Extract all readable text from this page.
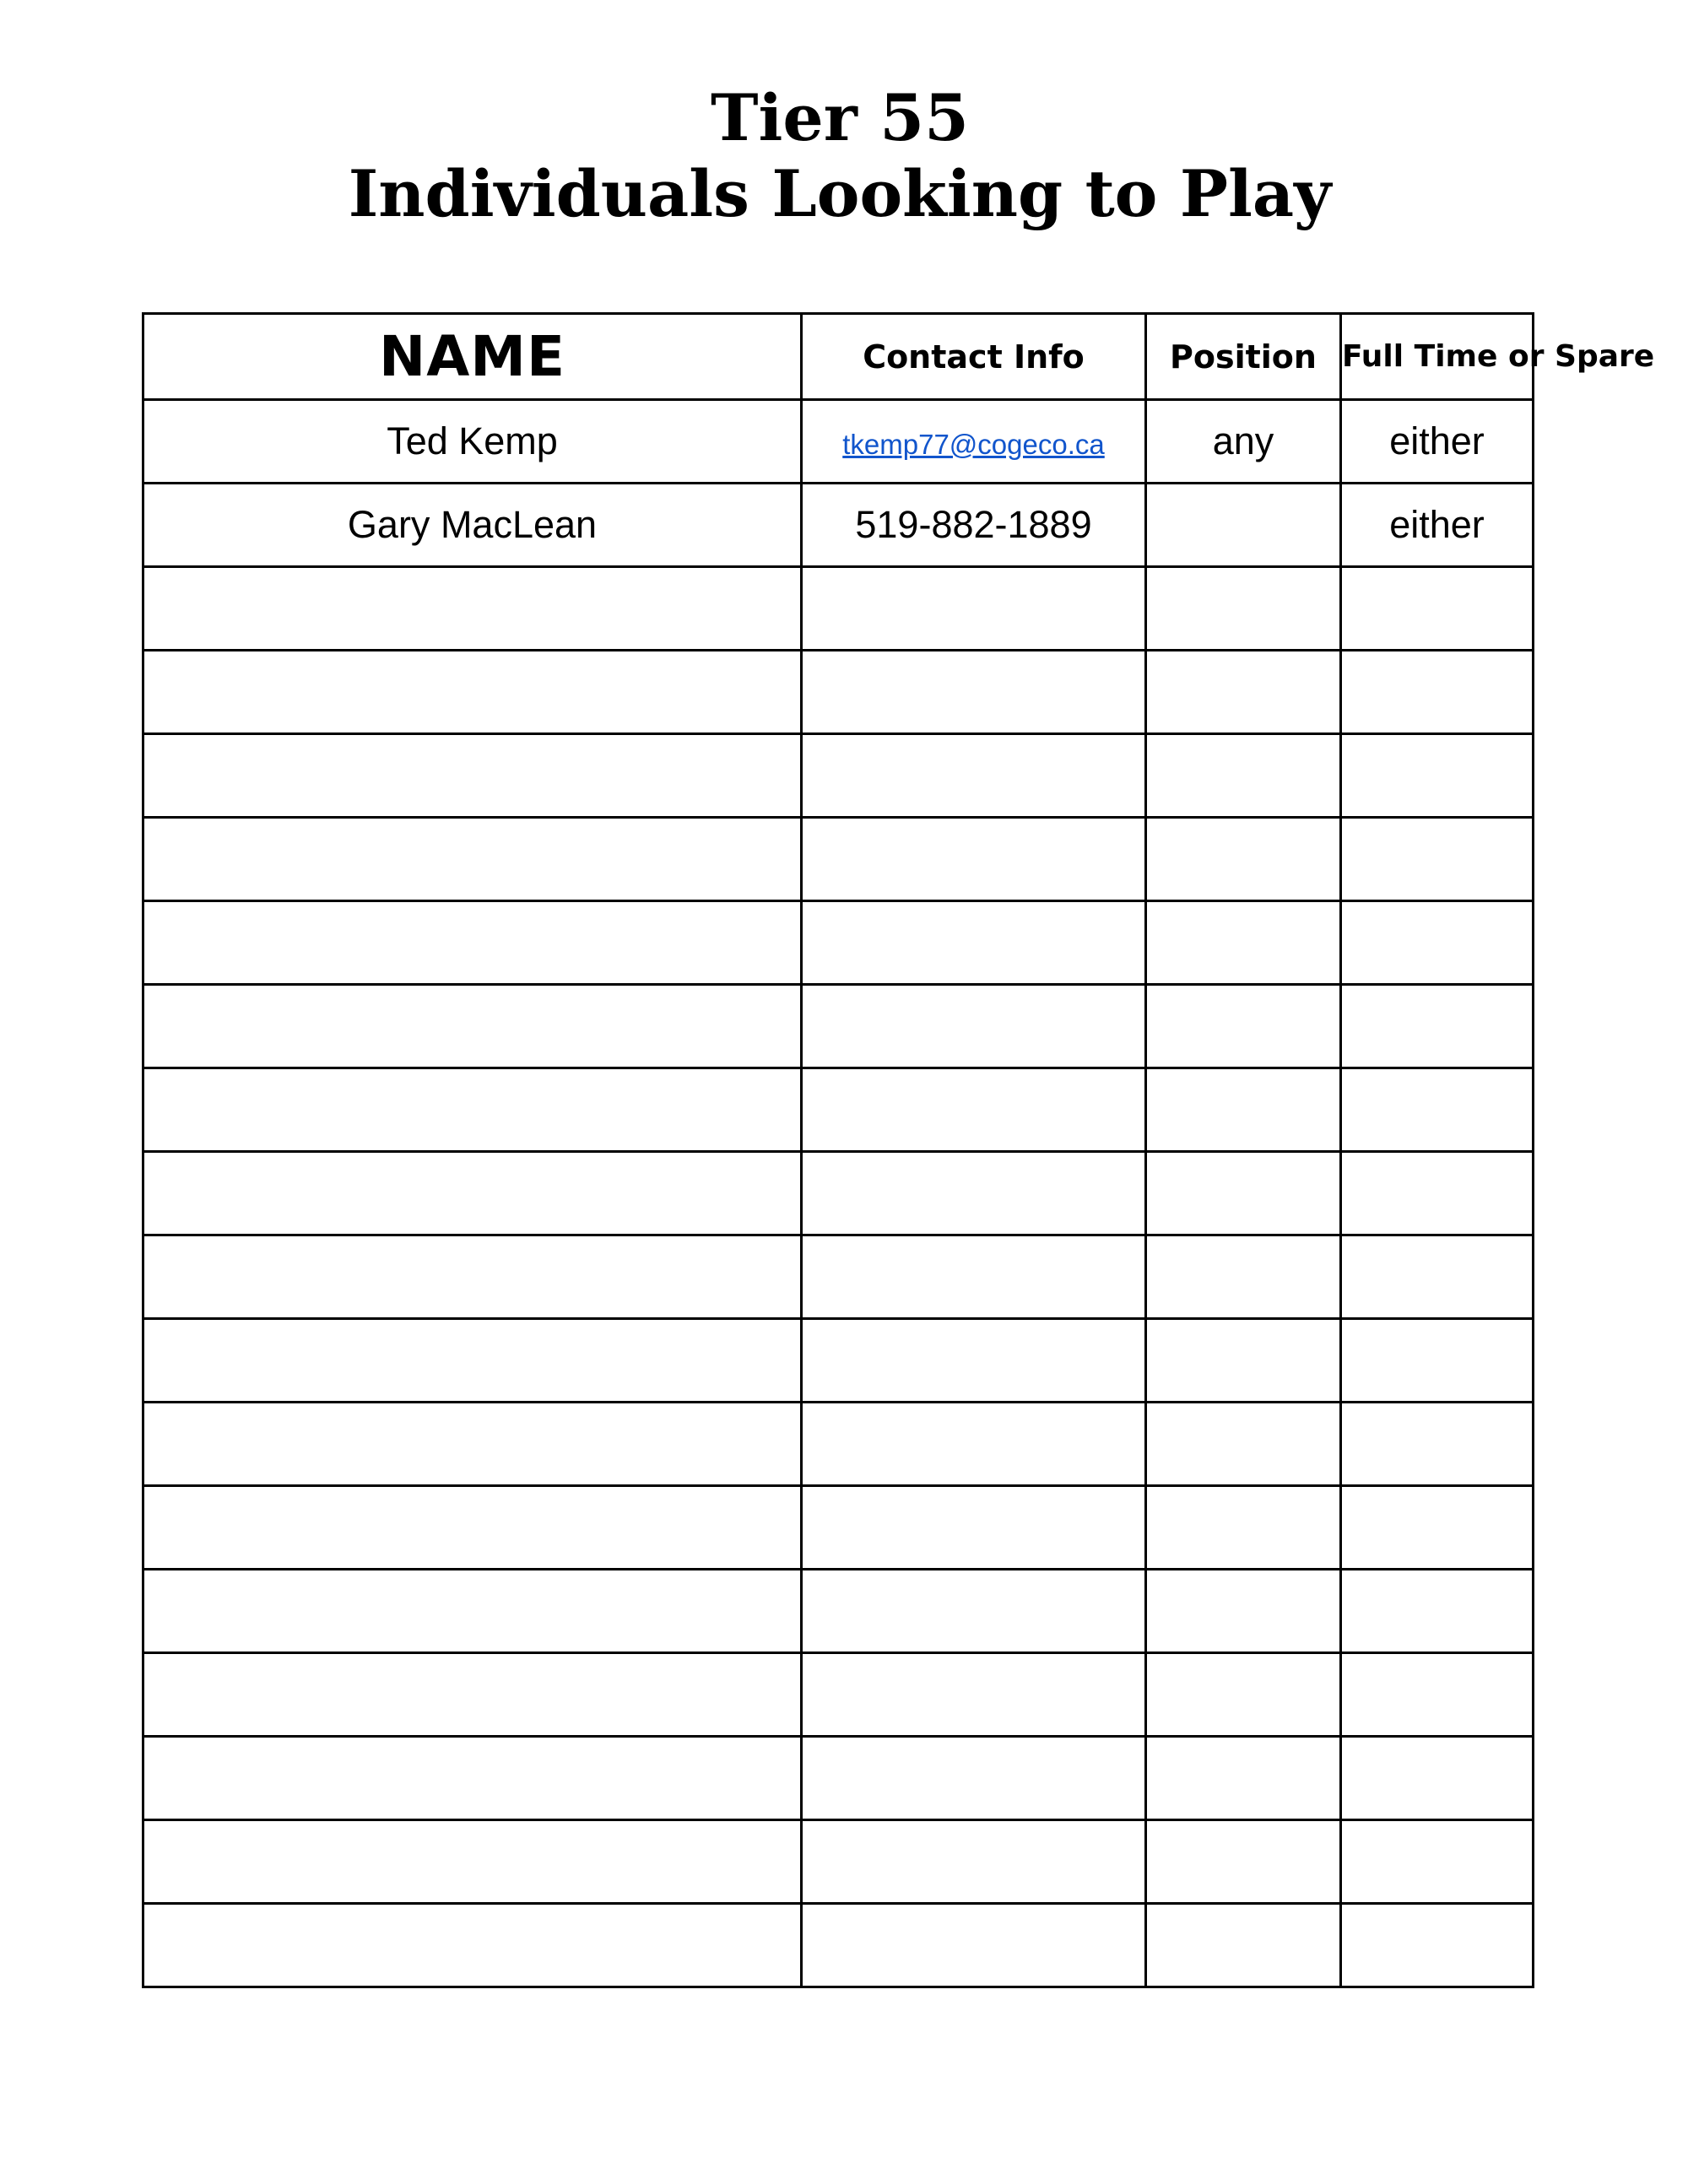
Tier 55
Individuals Looking to Play
NAME	Contact Info	Position	Full Time or Spare
Ted Kemp	tkemp77@cogeco.ca	any	either
Gary MacLean	519-882-1889		either
